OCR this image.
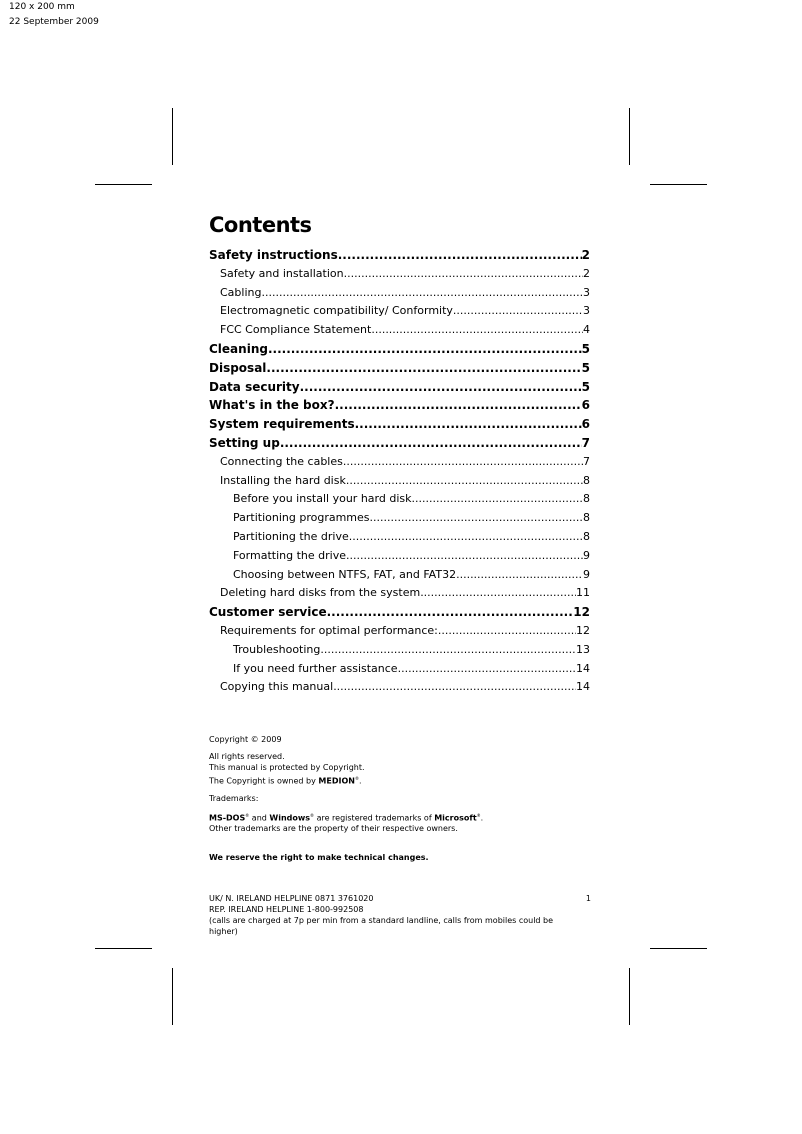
120 x 200 mm
22 September 2009
Contents
Safety instructions .....	2
Safety and installation .....	2
Cabling .....	3
Electromagnetic compatibility/ Conformity .....	3
FCC Compliance Statement .....	4
Cleaning .....	5
Disposal .....	5
Data security .....	5
What's in the box? .....	6
System requirements .....	6
Setting up .....	7
Connecting the cables .....	7
Installing the hard disk .....	8
Before you install your hard disk .....	8
Partitioning programmes .....	8
Partitioning the drive .....	8
Formatting the drive .....	9
Choosing between NTFS, FAT, and FAT32 .....	9
Deleting hard disks from the system .....	11
Customer service .....	12
Requirements for optimal performance: .....	12
Troubleshooting .....	13
If you need further assistance .....	14
Copying this manual .....	14

Copyright © 2009

All rights reserved.

This manual is protected by Copyright.

The Copyright is owned by MEDION®.

Trademarks:

MS-DOS® and Windows® are registered trademarks of Microsoft®.

Other trademarks are the property of their respective owners.

We reserve the right to make technical changes.

UK/ N. IRELAND HELPLINE 0871 3761020

REP. IRELAND HELPLINE 1-800-992508

(calls are charged at 7p per min from a standard landline, calls from mobiles could be higher)

1
